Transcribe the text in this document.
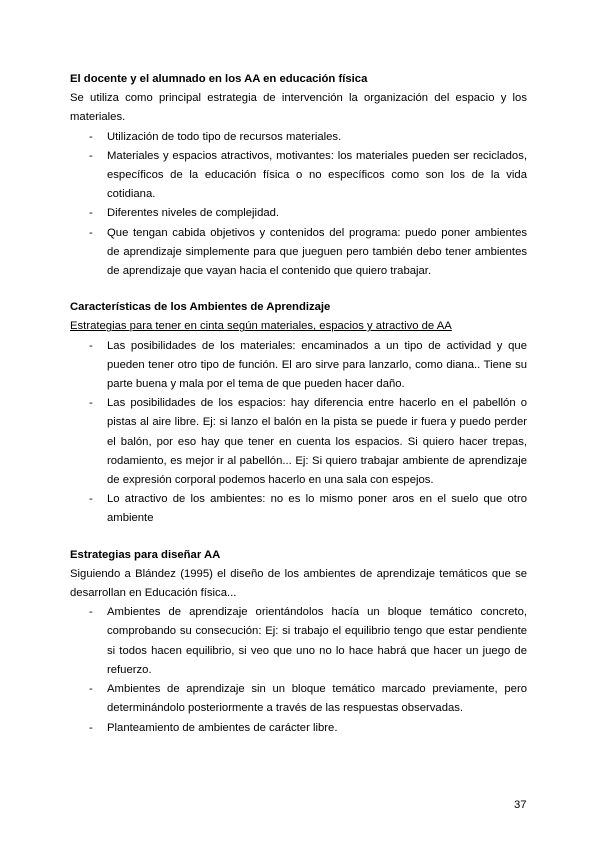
El docente y el alumnado en los AA en educación física

Se utiliza como principal estrategia de intervención la organización del espacio y los materiales.

- Utilización de todo tipo de recursos materiales.
- Materiales y espacios atractivos, motivantes: los materiales pueden ser reciclados, específicos de la educación física o no específicos como son los de la vida cotidiana.
- Diferentes niveles de complejidad.
- Que tengan cabida objetivos y contenidos del programa: puedo poner ambientes de aprendizaje simplemente para que jueguen pero también debo tener ambientes de aprendizaje que vayan hacia el contenido que quiero trabajar.
Características de los Ambientes de Aprendizaje

Estrategias para tener en cinta según materiales, espacios y atractivo de AA

- Las posibilidades de los materiales: encaminados a un tipo de actividad y que pueden tener otro tipo de función. El aro sirve para lanzarlo, como diana.. Tiene su parte buena y mala por el tema de que pueden hacer daño.
- Las posibilidades de los espacios: hay diferencia entre hacerlo en el pabellón o pistas al aire libre. Ej: si lanzo el balón en la pista se puede ir fuera y puedo perder el balón, por eso hay que tener en cuenta los espacios. Si quiero hacer trepas, rodamiento, es mejor ir al pabellón... Ej: Si quiero trabajar ambiente de aprendizaje de expresión corporal podemos hacerlo en una sala con espejos.
- Lo atractivo de los ambientes: no es lo mismo poner aros en el suelo que otro ambiente
Estrategias para diseñar AA

Siguiendo a Blández (1995) el diseño de los ambientes de aprendizaje temáticos que se desarrollan en Educación física...

- Ambientes de aprendizaje orientándolos hacía un bloque temático concreto, comprobando su consecución: Ej: si trabajo el equilibrio tengo que estar pendiente si todos hacen equilibrio, si veo que uno no lo hace habrá que hacer un juego de refuerzo.
- Ambientes de aprendizaje sin un bloque temático marcado previamente, pero determinándolo posteriormente a través de las respuestas observadas.
- Planteamiento de ambientes de carácter libre.
37
